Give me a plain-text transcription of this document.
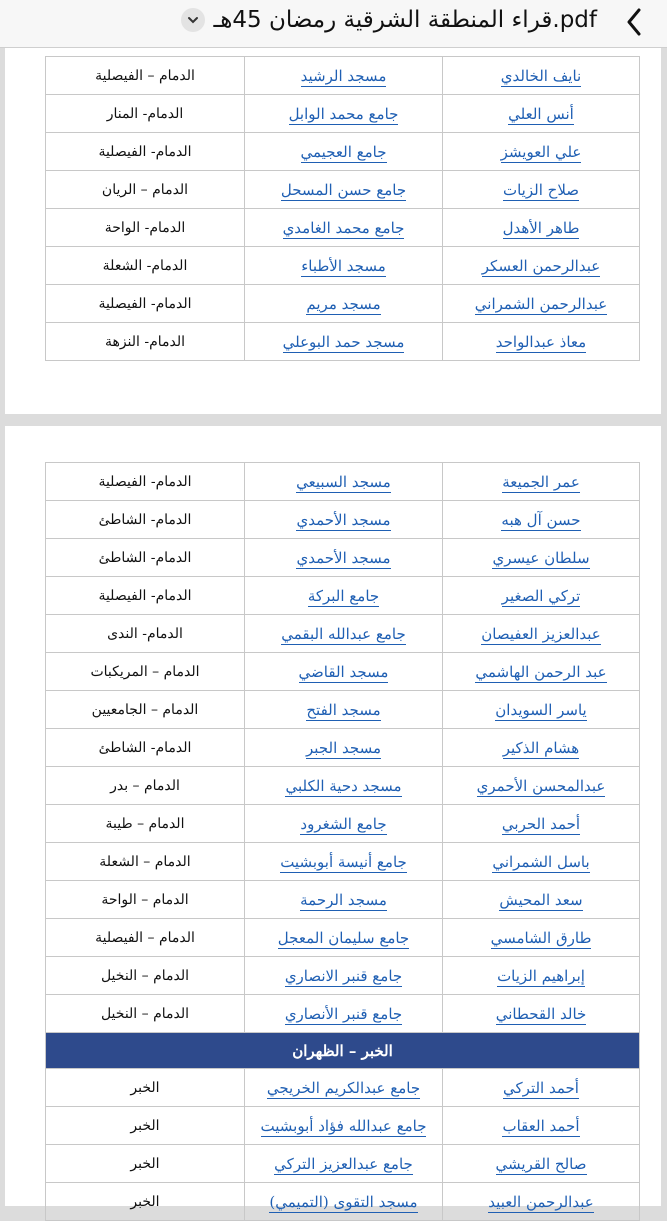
قراء المنطقة الشرقية رمضان 45هـ.pdf
نايف الخالدي	مسجد الرشيد	الدمام – الفيصلية
أنس العلي	جامع محمد الوابل	الدمام- المنار
علي العويشز	جامع العجيمي	الدمام- الفيصلية
صلاح الزيات	جامع حسن المسحل	الدمام – الريان
طاهر الأهدل	جامع محمد الغامدي	الدمام- الواحة
عبدالرحمن العسكر	مسجد الأطباء	الدمام- الشعلة
عبدالرحمن الشمراني	مسجد مريم	الدمام- الفيصلية
معاذ عبدالواحد	مسجد حمد البوعلي	الدمام- النزهة
عمر الجميعة	مسجد السبيعي	الدمام- الفيصلية
حسن آل هبه	مسجد الأحمدي	الدمام- الشاطئ
سلطان عيسري	مسجد الأحمدي	الدمام- الشاطئ
تركي الصغير	جامع البركة	الدمام- الفيصلية
عبدالعزيز العفيصان	جامع عبدالله البقمي	الدمام- الندى
عبد الرحمن الهاشمي	مسجد القاضي	الدمام – المريكبات
ياسر السويدان	مسجد الفتح	الدمام – الجامعيين
هشام الذكير	مسجد الجبر	الدمام- الشاطئ
عبدالمحسن الأحمري	مسجد دحية الكلبي	الدمام – بدر
أحمد الحربي	جامع الشغرود	الدمام – طيبة
باسل الشمراني	جامع أنيسة أبوبشيت	الدمام – الشعلة
سعد المحيش	مسجد الرحمة	الدمام – الواحة
طارق الشامسي	جامع سليمان المعجل	الدمام – الفيصلية
إبراهيم الزيات	جامع قنبر الانصاري	الدمام – النخيل
خالد القحطاني	جامع قنبر الأنصاري	الدمام – النخيل
الخبر – الظهران		
أحمد التركي	جامع عبدالكريم الخريجي	الخبر
أحمد العقاب	جامع عبدالله فؤاد أبوبشيت	الخبر
صالح القريشي	جامع عبدالعزيز التركي	الخبر
عبدالرحمن العبيد	مسجد التقوى (التميمي)	الخبر
